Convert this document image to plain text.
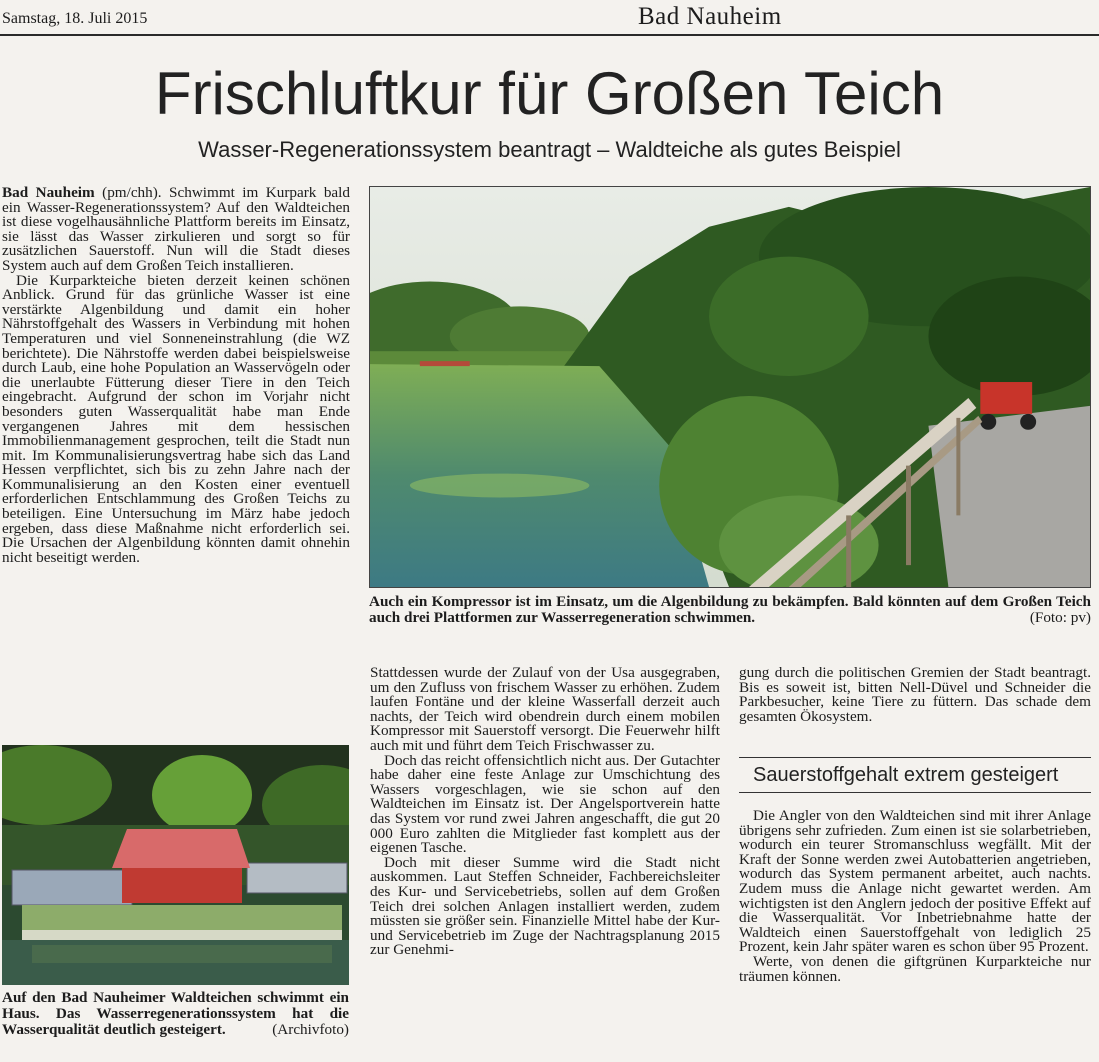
Samstag, 18. Juli 2015	Bad Nauheim
Frischluftkur für Großen Teich
Wasser-Regenerationssystem beantragt – Waldteiche als gutes Beispiel

Bad Nauheim (pm/chh). Schwimmt im Kurpark bald ein Wasser-Regenerationssystem? Auf den Waldteichen ist diese vogelhausähnliche Plattform bereits im Einsatz, sie lässt das Wasser zirkulieren und sorgt so für zusätzlichen Sauerstoff. Nun will die Stadt dieses System auch auf dem Großen Teich installieren.

Die Kurparkteiche bieten derzeit keinen schönen Anblick. Grund für das grünliche Wasser ist eine verstärkte Algenbildung und damit ein hoher Nährstoffgehalt des Wassers in Verbindung mit hohen Temperaturen und viel Sonneneinstrahlung (die WZ berichtete). Die Nährstoffe werden dabei beispielsweise durch Laub, eine hohe Population an Wasservögeln oder die unerlaubte Fütterung dieser Tiere in den Teich eingebracht. Aufgrund der schon im Vorjahr nicht besonders guten Wasserqualität habe man Ende vergangenen Jahres mit dem hessischen Immobilienmanagement gesprochen, teilt die Stadt nun mit. Im Kommunalisierungsvertrag habe sich das Land Hessen verpflichtet, sich bis zu zehn Jahre nach der Kommunalisierung an den Kosten einer eventuell erforderlichen Entschlammung des Großen Teichs zu beteiligen. Eine Untersuchung im März habe jedoch ergeben, dass diese Maßnahme nicht erforderlich sei. Die Ursachen der Algenbildung könnten damit ohnehin nicht beseitigt werden.

Auch ein Kompressor ist im Einsatz, um die Algenbildung zu bekämpfen. Bald könnten auf dem Großen Teich auch drei Plattformen zur Wasserregeneration schwimmen.	(Foto: pv)

Stattdessen wurde der Zulauf von der Usa ausgegraben, um den Zufluss von frischem Wasser zu erhöhen. Zudem laufen Fontäne und der kleine Wasserfall derzeit auch nachts, der Teich wird obendrein durch einem mobilen Kompressor mit Sauerstoff versorgt. Die Feuerwehr hilft auch mit und führt dem Teich Frischwasser zu.

Doch das reicht offensichtlich nicht aus. Der Gutachter habe daher eine feste Anlage zur Umschichtung des Wassers vorgeschlagen, wie sie schon auf den Waldteichen im Einsatz ist. Der Angelsportverein hatte das System vor rund zwei Jahren angeschafft, die gut 20 000 Euro zahlten die Mitglieder fast komplett aus der eigenen Tasche.

Doch mit dieser Summe wird die Stadt nicht auskommen. Laut Steffen Schneider, Fachbereichsleiter des Kur- und Servicebetriebs, sollen auf dem Großen Teich drei solchen Anlagen installiert werden, zudem müssten sie größer sein. Finanzielle Mittel habe der Kur- und Servicebetrieb im Zuge der Nachtragsplanung 2015 zur Genehmi-

gung durch die politischen Gremien der Stadt beantragt. Bis es soweit ist, bitten Nell-Düvel und Schneider die Parkbesucher, keine Tiere zu füttern. Das schade dem gesamten Ökosystem.

Sauerstoffgehalt extrem gesteigert

Die Angler von den Waldteichen sind mit ihrer Anlage übrigens sehr zufrieden. Zum einen ist sie solarbetrieben, wodurch ein teurer Stromanschluss wegfällt. Mit der Kraft der Sonne werden zwei Autobatterien angetrieben, wodurch das System permanent arbeitet, auch nachts. Zudem muss die Anlage nicht gewartet werden. Am wichtigsten ist den Anglern jedoch der positive Effekt auf die Wasserqualität. Vor Inbetriebnahme hatte der Waldteich einen Sauerstoffgehalt von lediglich 25 Prozent, kein Jahr später waren es schon über 95 Prozent.

Werte, von denen die giftgrünen Kurparkteiche nur träumen können.

Auf den Bad Nauheimer Waldteichen schwimmt ein Haus. Das Wasserregenerationssystem hat die Wasserqualität deutlich gesteigert.	(Archivfoto)
